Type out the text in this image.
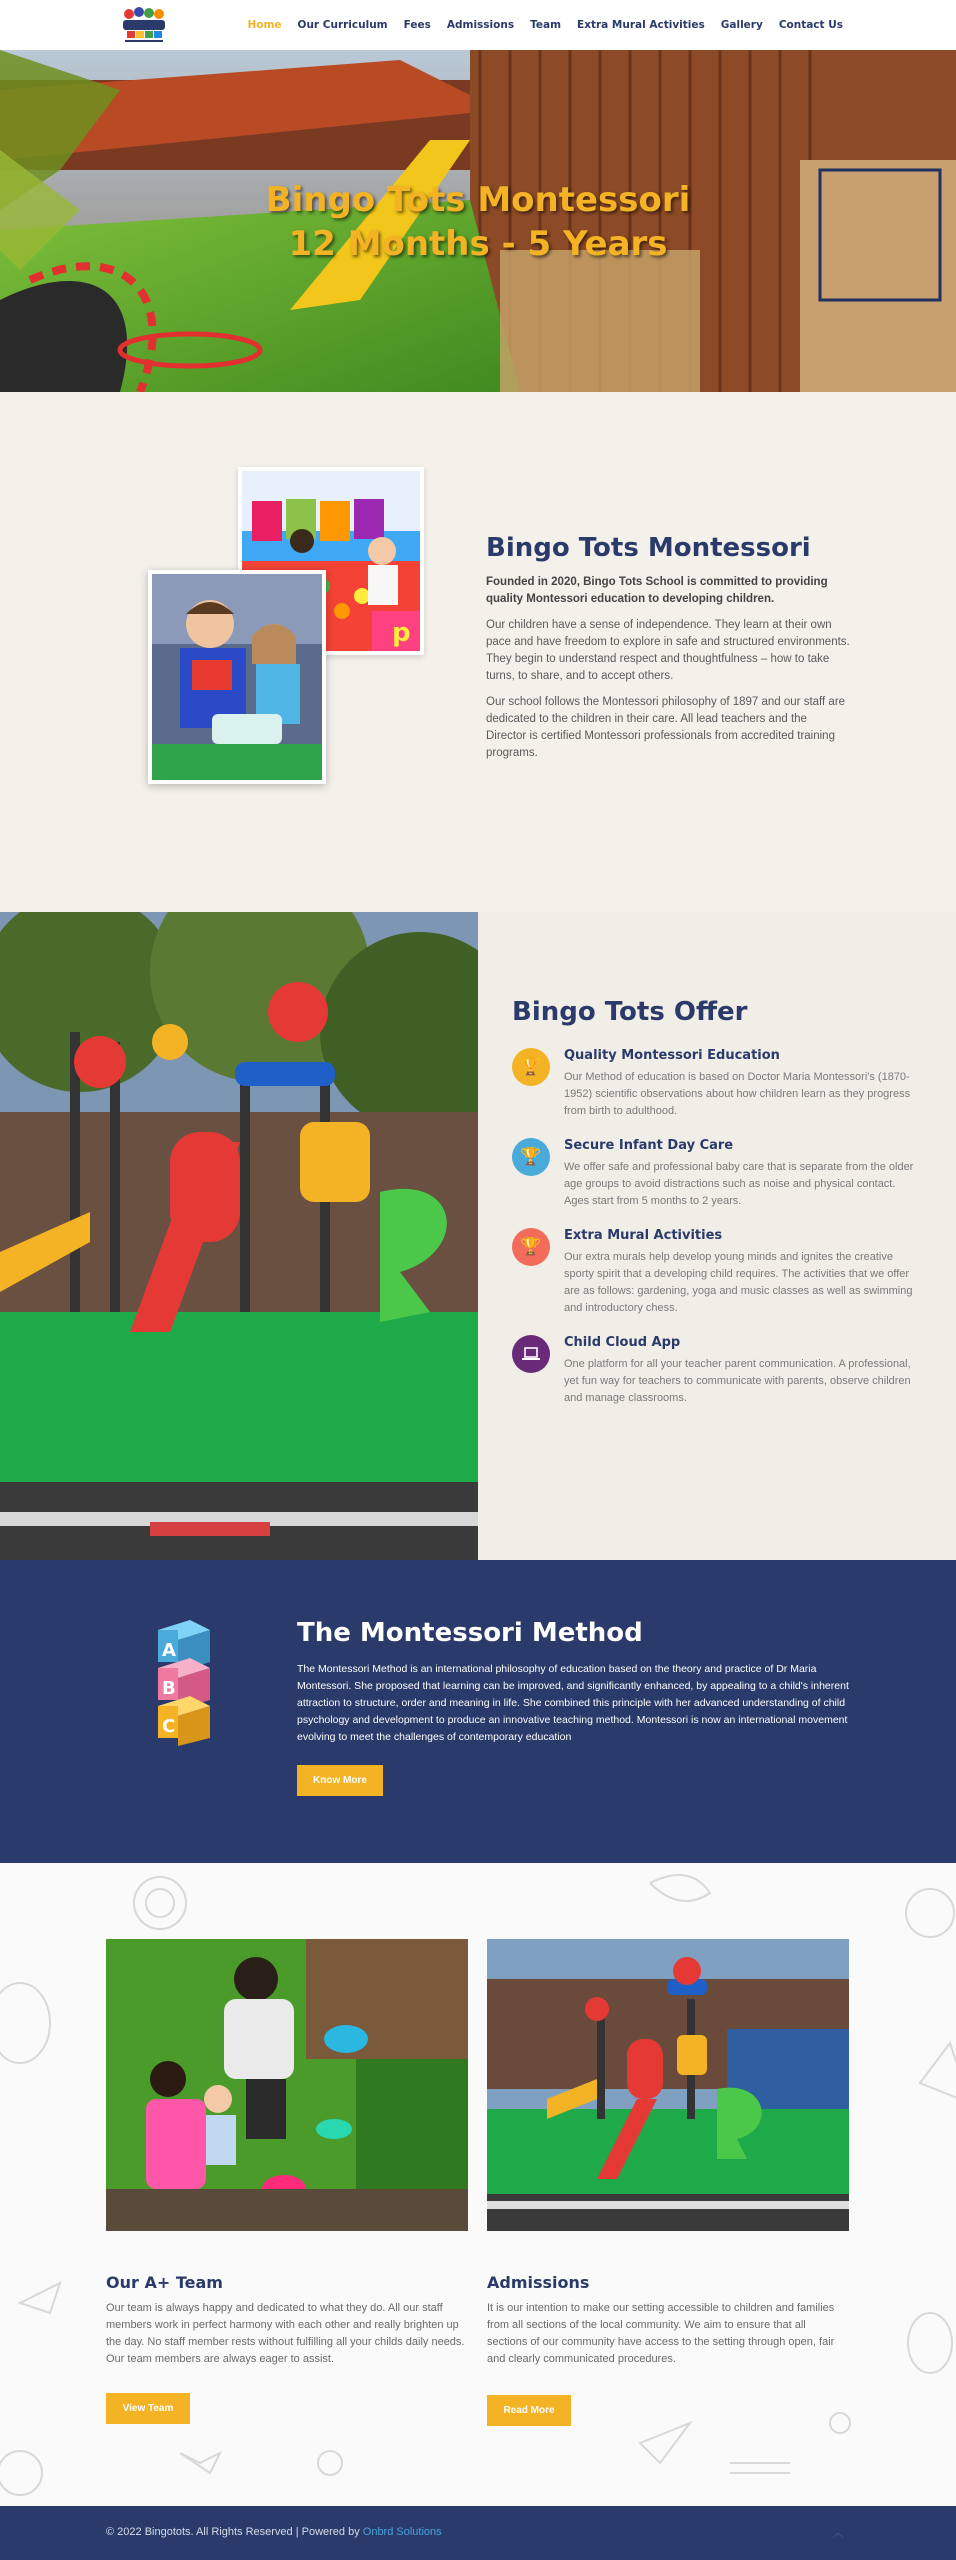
Home Our Curriculum Fees Admissions Team Extra Mural Activities Gallery Contact Us
Bingo Tots Montessori
12 Months - 5 Years
p
Bingo Tots Montessori

Founded in 2020, Bingo Tots School is committed to providing quality Montessori education to developing children.

Our children have a sense of independence. They learn at their own pace and have freedom to explore in safe and structured environments. They begin to understand respect and thoughtfulness – how to take turns, to share, and to accept others.

Our school follows the Montessori philosophy of 1897 and our staff are dedicated to the children in their care. All lead teachers and the Director is certified Montessori professionals from accredited training programs.

Bingo Tots Offer
🏆
Quality Montessori Education

Our Method of education is based on Doctor Maria Montessori's (1870-1952) scientific observations about how children learn as they progress from birth to adulthood.

🏆
Secure Infant Day Care

We offer safe and professional baby care that is separate from the older age groups to avoid distractions such as noise and physical contact. Ages start from 5 months to 2 years.

🏆
Extra Mural Activities

Our extra murals help develop young minds and ignites the creative sporty spirit that a developing child requires. The activities that we offer are as follows: gardening, yoga and music classes as well as swimming and introductory chess.

Child Cloud App

One platform for all your teacher parent communication. A professional, yet fun way for teachers to communicate with parents, observe children and manage classrooms.

A
B
C
The Montessori Method

The Montessori Method is an international philosophy of education based on the theory and practice of Dr Maria Montessori. She proposed that learning can be improved, and significantly enhanced, by appealing to a child's inherent attraction to structure, order and meaning in life. She combined this principle with her advanced understanding of child psychology and development to produce an innovative teaching method. Montessori is now an international movement evolving to meet the challenges of contemporary education

Know More
Our A+ Team

Our team is always happy and dedicated to what they do. All our staff members work in perfect harmony with each other and really brighten up the day. No staff member rests without fulfilling all your childs daily needs. Our team members are always eager to assist.

View Team
Admissions

It is our intention to make our setting accessible to children and families from all sections of the local community. We aim to ensure that all sections of our community have access to the setting through open, fair and clearly communicated procedures.

Read More
© 2022 Bingotots. All Rights Reserved | Powered by Onbrd Solutions	︿
